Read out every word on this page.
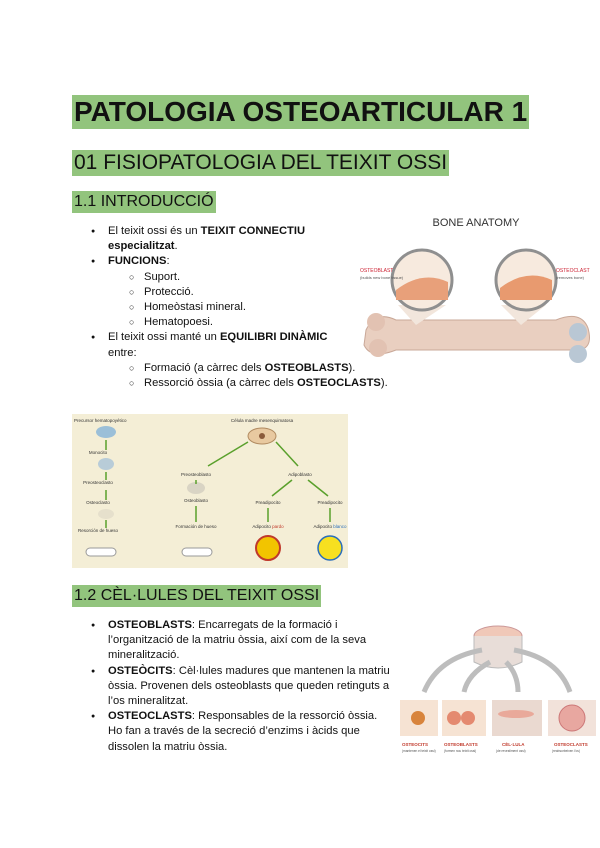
PATOLOGIA OSTEOARTICULAR 1
01 FISIOPATOLOGIA DEL TEIXIT OSSI
1.1 INTRODUCCIÓ
● El teixit ossi és un TEIXIT CONNECTIU especialitzat.
● FUNCIONS:
○ Suport.
○ Protecció.
○ Homeòstasi mineral.
○ Hematopoesi.
● El teixit ossi manté un EQUILIBRI DINÀMIC entre:
○ Formació (a càrrec dels OSTEOBLASTS).
○ Ressorció òssia (a càrrec dels OSTEOCLASTS).
BONE ANATOMY
OSTEOBLAST
(builds new bone tissue)
OSTEOCLAST
(removes bone)
Precursor hematopoyético	Célula madre mesenquimatosa
Monocito
Preosteoclasto
Osteoclasto
Resorción de hueso
Preosteoblasto
Osteoblasto
Formación de hueso
Adipoblasto
Preadipocito	Preadipocito
Adipocito pardo	Adipocito blanco
1.2 CÈL·LULES DEL TEIXIT OSSI
● OSTEOBLASTS: Encarregats de la formació i l’organització de la matriu òssia, així com de la seva mineralització.
● OSTEÒCITS: Cèl·lules madures que mantenen la matriu òssia. Provenen dels osteoblasts que queden retinguts a l’os mineralitzat.
● OSTEOCLASTS: Responsables de la ressorció òssia. Ho fan a través de la secreció d’enzims i àcids que dissolen la matriu òssia.	OSTEOCITS	OSTEOBLASTS	CÈL·LULA	OSTEOCLASTS
(mantenen el teixit ossi)	(formen nou teixit ossi)	(de revestiment ossi)	(reabsorbeixen l'os)
